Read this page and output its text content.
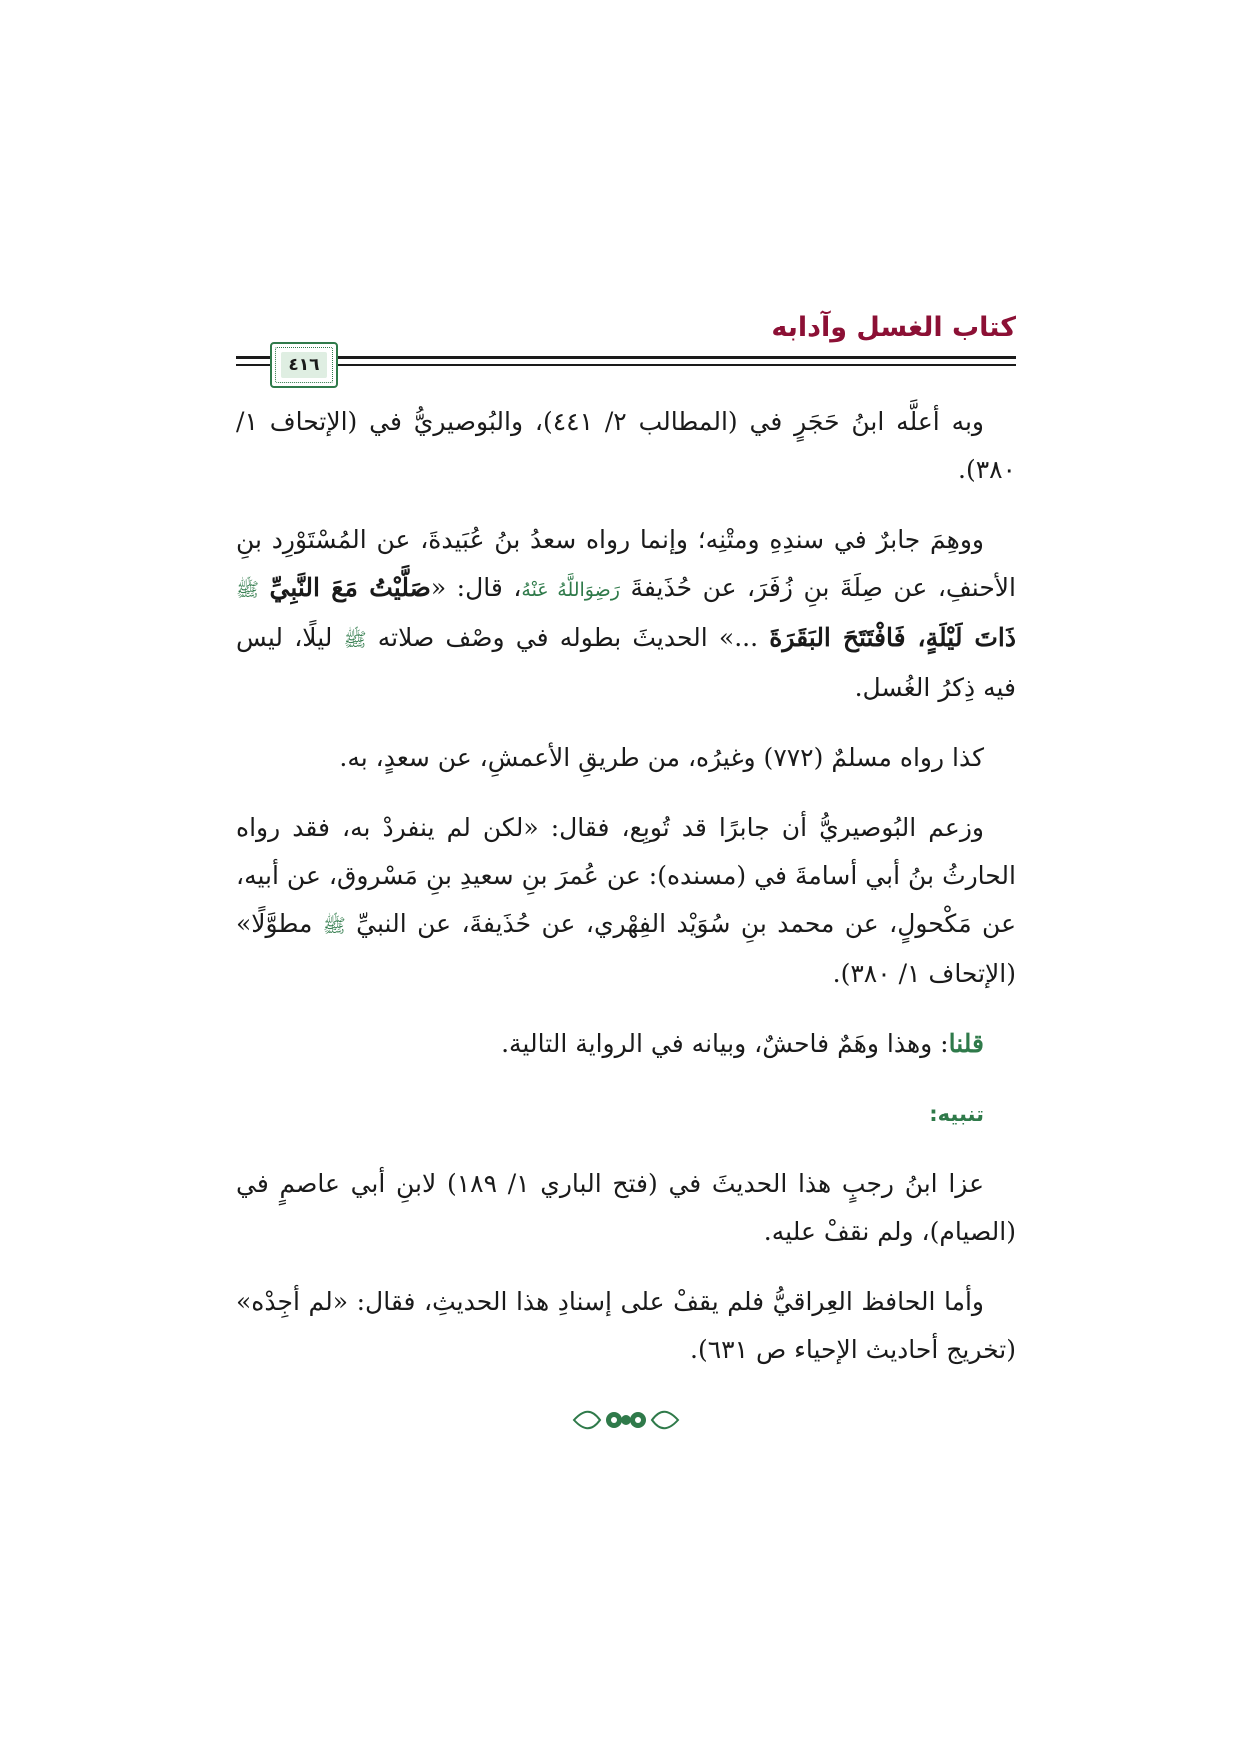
كتاب الغسل وآدابه
٤١٦

وبه أعلَّه ابنُ حَجَرٍ في (المطالب ٢/ ٤٤١)، والبُوصيريُّ في (الإتحاف ١/ ٣٨٠).

ووهِمَ جابرٌ في سندِهِ ومتْنِه؛ وإنما رواه سعدُ بنُ عُبَيدةَ، عن المُسْتَوْرِد بنِ الأحنفِ، عن صِلَةَ بنِ زُفَرَ، عن حُذَيفةَ رَضِوَاللَّهُ عَنْهُ، قال: «صَلَّيْتُ مَعَ النَّبِيِّ ﷺ ذَاتَ لَيْلَةٍ، فَافْتَتَحَ البَقَرَةَ ...» الحديثَ بطوله في وصْف صلاته ﷺ ليلًا، ليس فيه ذِكرُ الغُسل.

كذا رواه مسلمٌ (٧٧٢) وغيرُه، من طريقِ الأعمشِ، عن سعدٍ، به.

وزعم البُوصيريُّ أن جابرًا قد تُوبِع، فقال: «لكن لم ينفردْ به، فقد رواه الحارثُ بنُ أبي أسامةَ في (مسنده): عن عُمرَ بنِ سعيدِ بنِ مَسْروق، عن أبيه، عن مَكْحولٍ، عن محمد بنِ سُوَيْد الفِهْري، عن حُذَيفةَ، عن النبيِّ ﷺ مطوَّلًا» (الإتحاف ١/ ٣٨٠).

قلنا: وهذا وهَمٌ فاحشٌ، وبيانه في الرواية التالية.

تنبيه:

عزا ابنُ رجبٍ هذا الحديثَ في (فتح الباري ١/ ١٨٩) لابنِ أبي عاصمٍ في (الصيام)، ولم نقفْ عليه.

وأما الحافظ العِراقيُّ فلم يقفْ على إسنادِ هذا الحديثِ، فقال: «لم أجِدْه» (تخريج أحاديث الإحياء ص ٦٣١).
